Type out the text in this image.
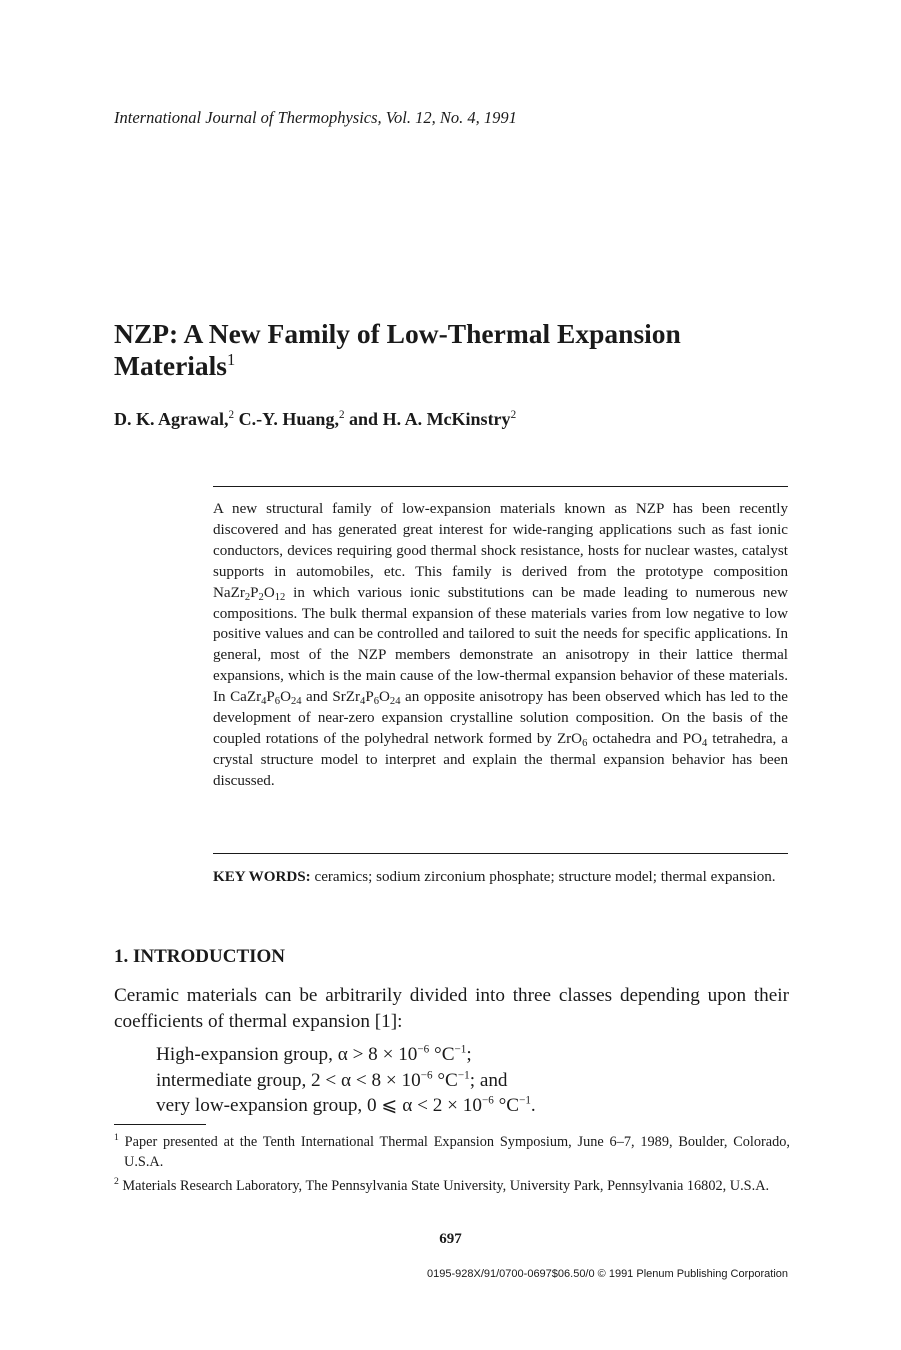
International Journal of Thermophysics, Vol. 12, No. 4, 1991
NZP: A New Family of Low-Thermal Expansion
Materials$^1$
D. K. Agrawal,$^2$ C.-Y. Huang,$^2$ and H. A. McKinstry$^2$
A new structural family of low-expansion materials known as NZP has been recently discovered and has generated great interest for wide-ranging applications such as fast ionic conductors, devices requiring good thermal shock resistance, hosts for nuclear wastes, catalyst supports in automobiles, etc. This family is derived from the prototype composition $NaZr_2P_2O_{12}$ in which various ionic substitutions can be made leading to numerous new compositions. The bulk thermal expansion of these materials varies from low negative to low positive values and can be controlled and tailored to suit the needs for specific applications. In general, most of the NZP members demonstrate an anisotropy in their lattice thermal expansions, which is the main cause of the low-thermal expansion behavior of these materials. In $CaZr_4P_6O_{24}$ and $SrZr_4P_6O_{24}$ an opposite anisotropy has been observed which has led to the development of near-zero expansion crystalline solution composition. On the basis of the coupled rotations of the polyhedral network formed by ZrO$_6$ octahedra and $PO_4$ tetrahedra, a crystal structure model to interpret and explain the thermal expansion behavior has been discussed.
KEY WORDS: ceramics; sodium zirconium phosphate; structure model; thermal expansion.
1. INTRODUCTION
Ceramic materials can be arbitrarily divided into three classes depending upon their coefficients of thermal expansion [1]:
High-expansion group, $\alpha > 8 \times 10^{-6}$ $^\circ C^{-1}$;
intermediate group, $2 < \alpha < 8 \times 10^{-6}$ $^\circ C^{-1}$; and
very low-expansion group, 0 ⩽ $\alpha < 2 \times 10^{-6}$ $^\circ C^{-1}$.
$^1$ Paper presented at the Tenth International Thermal Expansion Symposium, June 6–7, 1989, Boulder, Colorado, U.S.A.
$^2$ Materials Research Laboratory, The Pennsylvania State University, University Park, Pennsylvania 16802, U.S.A.
697
0195-928X/91/0700-0697$06.50/0 © 1991 Plenum Publishing Corporation
